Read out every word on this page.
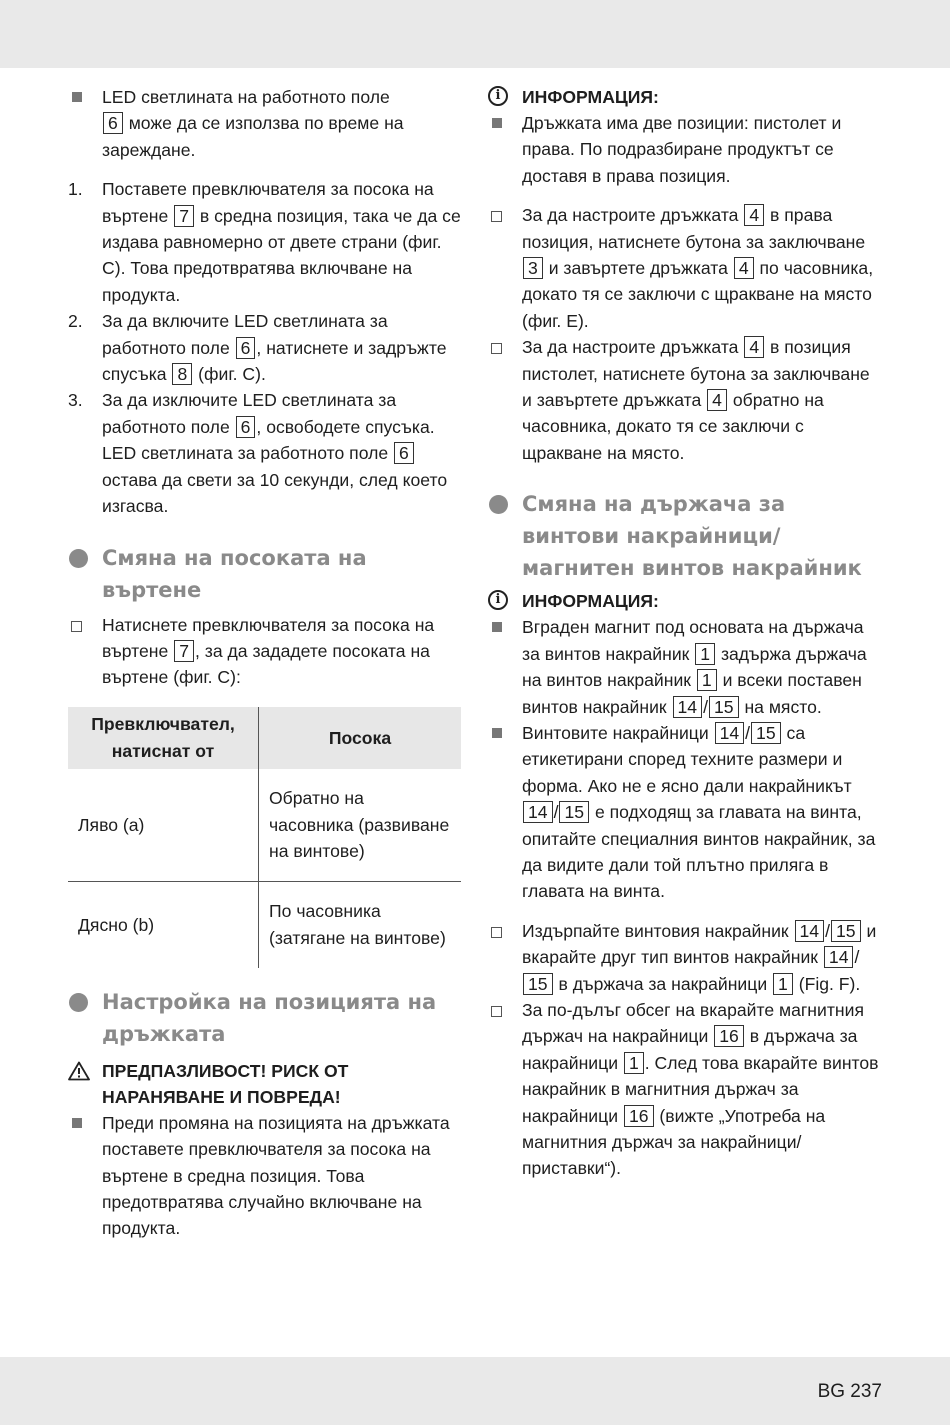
LED светлината на работното поле
6 може да се използва по време на зареждане.
1. Поставете превключвателя за посока на въртене 7 в средна позиция, така че да се издава равномерно от двете страни (фиг. C). Това предотвратява включване на продукта.
2. За да включите LED светлината за работното поле 6 , натиснете и задръжте спусъка 8 (фиг. C).
3. За да изключите LED светлината за работното поле 6 , освободете спусъка. LED светлината за работното поле 6 остава да свети за 10 секунди, след което изгасва.
Смяна на посоката на въртене
Натиснете превключвателя за посока на въртене 7 , за да зададете посоката на въртене (фиг. C):
Превключвател, натиснат от	Посока
Ляво (a)	Обратно на часовника (развиване на винтове)
Дясно (b)	По часовника (затягане на винтове)
Настройка на позицията на дръжката
ПРЕДПАЗЛИВОСТ! РИСК ОТ НАРАНЯВАНЕ И ПОВРЕДА!
Преди промяна на позицията на дръжката поставете превключвателя за посока на въртене в средна позиция. Това предотвратява случайно включване на продукта.
i	ИНФОРМАЦИЯ:
Дръжката има две позиции: пистолет и права. По подразбиране продуктът се доставя в права позиция.
За да настроите дръжката 4 в права позиция, натиснете бутона за заключване 3 и завъртете дръжката 4 по часовника, докато тя се заключи с щракване на място (фиг. E).
За да настроите дръжката 4 в позиция пистолет, натиснете бутона за заключване и завъртете дръжката 4 обратно на часовника, докато тя се заключи с щракване на място.
Смяна на държача за винтови накрайници/ магнитен винтов накрайник
i	ИНФОРМАЦИЯ:
Вграден магнит под основата на държача за винтов накрайник 1 задържа държача на винтов накрайник 1 и всеки поставен винтов накрайник 14 / 15 на място.
Винтовите накрайници 14 / 15 са етикетирани според техните размери и форма. Ако не е ясно дали накрайникът 14 / 15 е подходящ за главата на винта, опитайте специалния винтов накрайник, за да видите дали той плътно приляга в главата на винта.
Издърпайте винтовия накрайник 14 / 15 и вкарайте друг тип винтов накрайник 14 /15 в държача за накрайници 1 (Fig. F).
За по-дълъг обсег на вкарайте магнитния държач на накрайници 16 в държача за накрайници 1 . След това вкарайте винтов накрайник в магнитния държач за накрайници 16 (вижте „Употреба на магнитния държач за накрайници/ приставки“).
BG 237
